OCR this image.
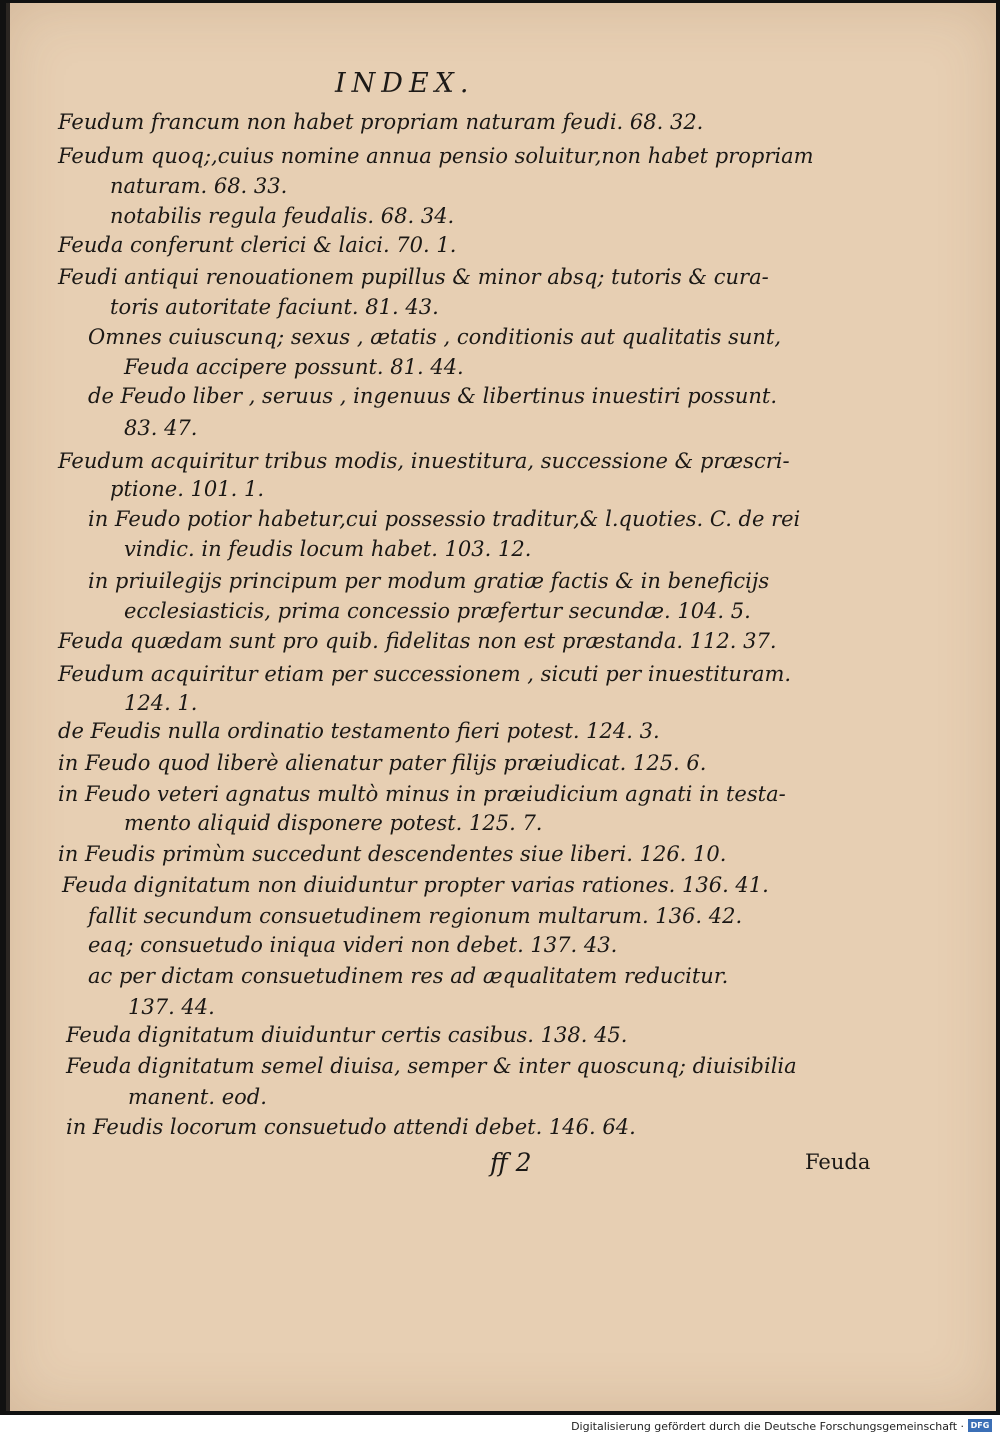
INDEX.
Feudum francum non habet propriam naturam feudi. 68. 32.
Feudum quoq;,cuius nomine annua pensio soluitur,non habet propriam
naturam. 68. 33.
notabilis regula feudalis. 68. 34.
Feuda conferunt clerici & laici. 70. 1.
Feudi antiqui renouationem pupillus & minor absq; tutoris & cura-
toris autoritate faciunt. 81. 43.
Omnes cuiuscunq; sexus , ætatis , conditionis aut qualitatis sunt,
Feuda accipere possunt. 81. 44.
de Feudo liber , seruus , ingenuus & libertinus inuestiri possunt.
83. 47.
Feudum acquiritur tribus modis, inuestitura, successione & præscri-
ptione. 101. 1.
in Feudo potior habetur,cui possessio traditur,& l.quoties. C. de rei
vindic. in feudis locum habet. 103. 12.
in priuilegijs principum per modum gratiæ factis & in beneficijs
ecclesiasticis, prima concessio præfertur secundæ. 104. 5.
Feuda quædam sunt pro quib. fidelitas non est præstanda. 112. 37.
Feudum acquiritur etiam per successionem , sicuti per inuestituram.
124. 1.
de Feudis nulla ordinatio testamento fieri potest. 124. 3.
in Feudo quod liberè alienatur pater filijs præiudicat. 125. 6.
in Feudo veteri agnatus multò minus in præiudicium agnati in testa-
mento aliquid disponere potest. 125. 7.
in Feudis primùm succedunt descendentes siue liberi. 126. 10.
Feuda dignitatum non diuiduntur propter varias rationes. 136. 41.
fallit secundum consuetudinem regionum multarum. 136. 42.
eaq; consuetudo iniqua videri non debet. 137. 43.
ac per dictam consuetudinem res ad æqualitatem reducitur.
137. 44.
Feuda dignitatum diuiduntur certis casibus. 138. 45.
Feuda dignitatum semel diuisa, semper & inter quoscunq; diuisibilia
manent. eod.
in Feudis locorum consuetudo attendi debet. 146. 64.
ff 2	Feuda
Digitalisierung gefördert durch die Deutsche Forschungsgemeinschaft · DFG
